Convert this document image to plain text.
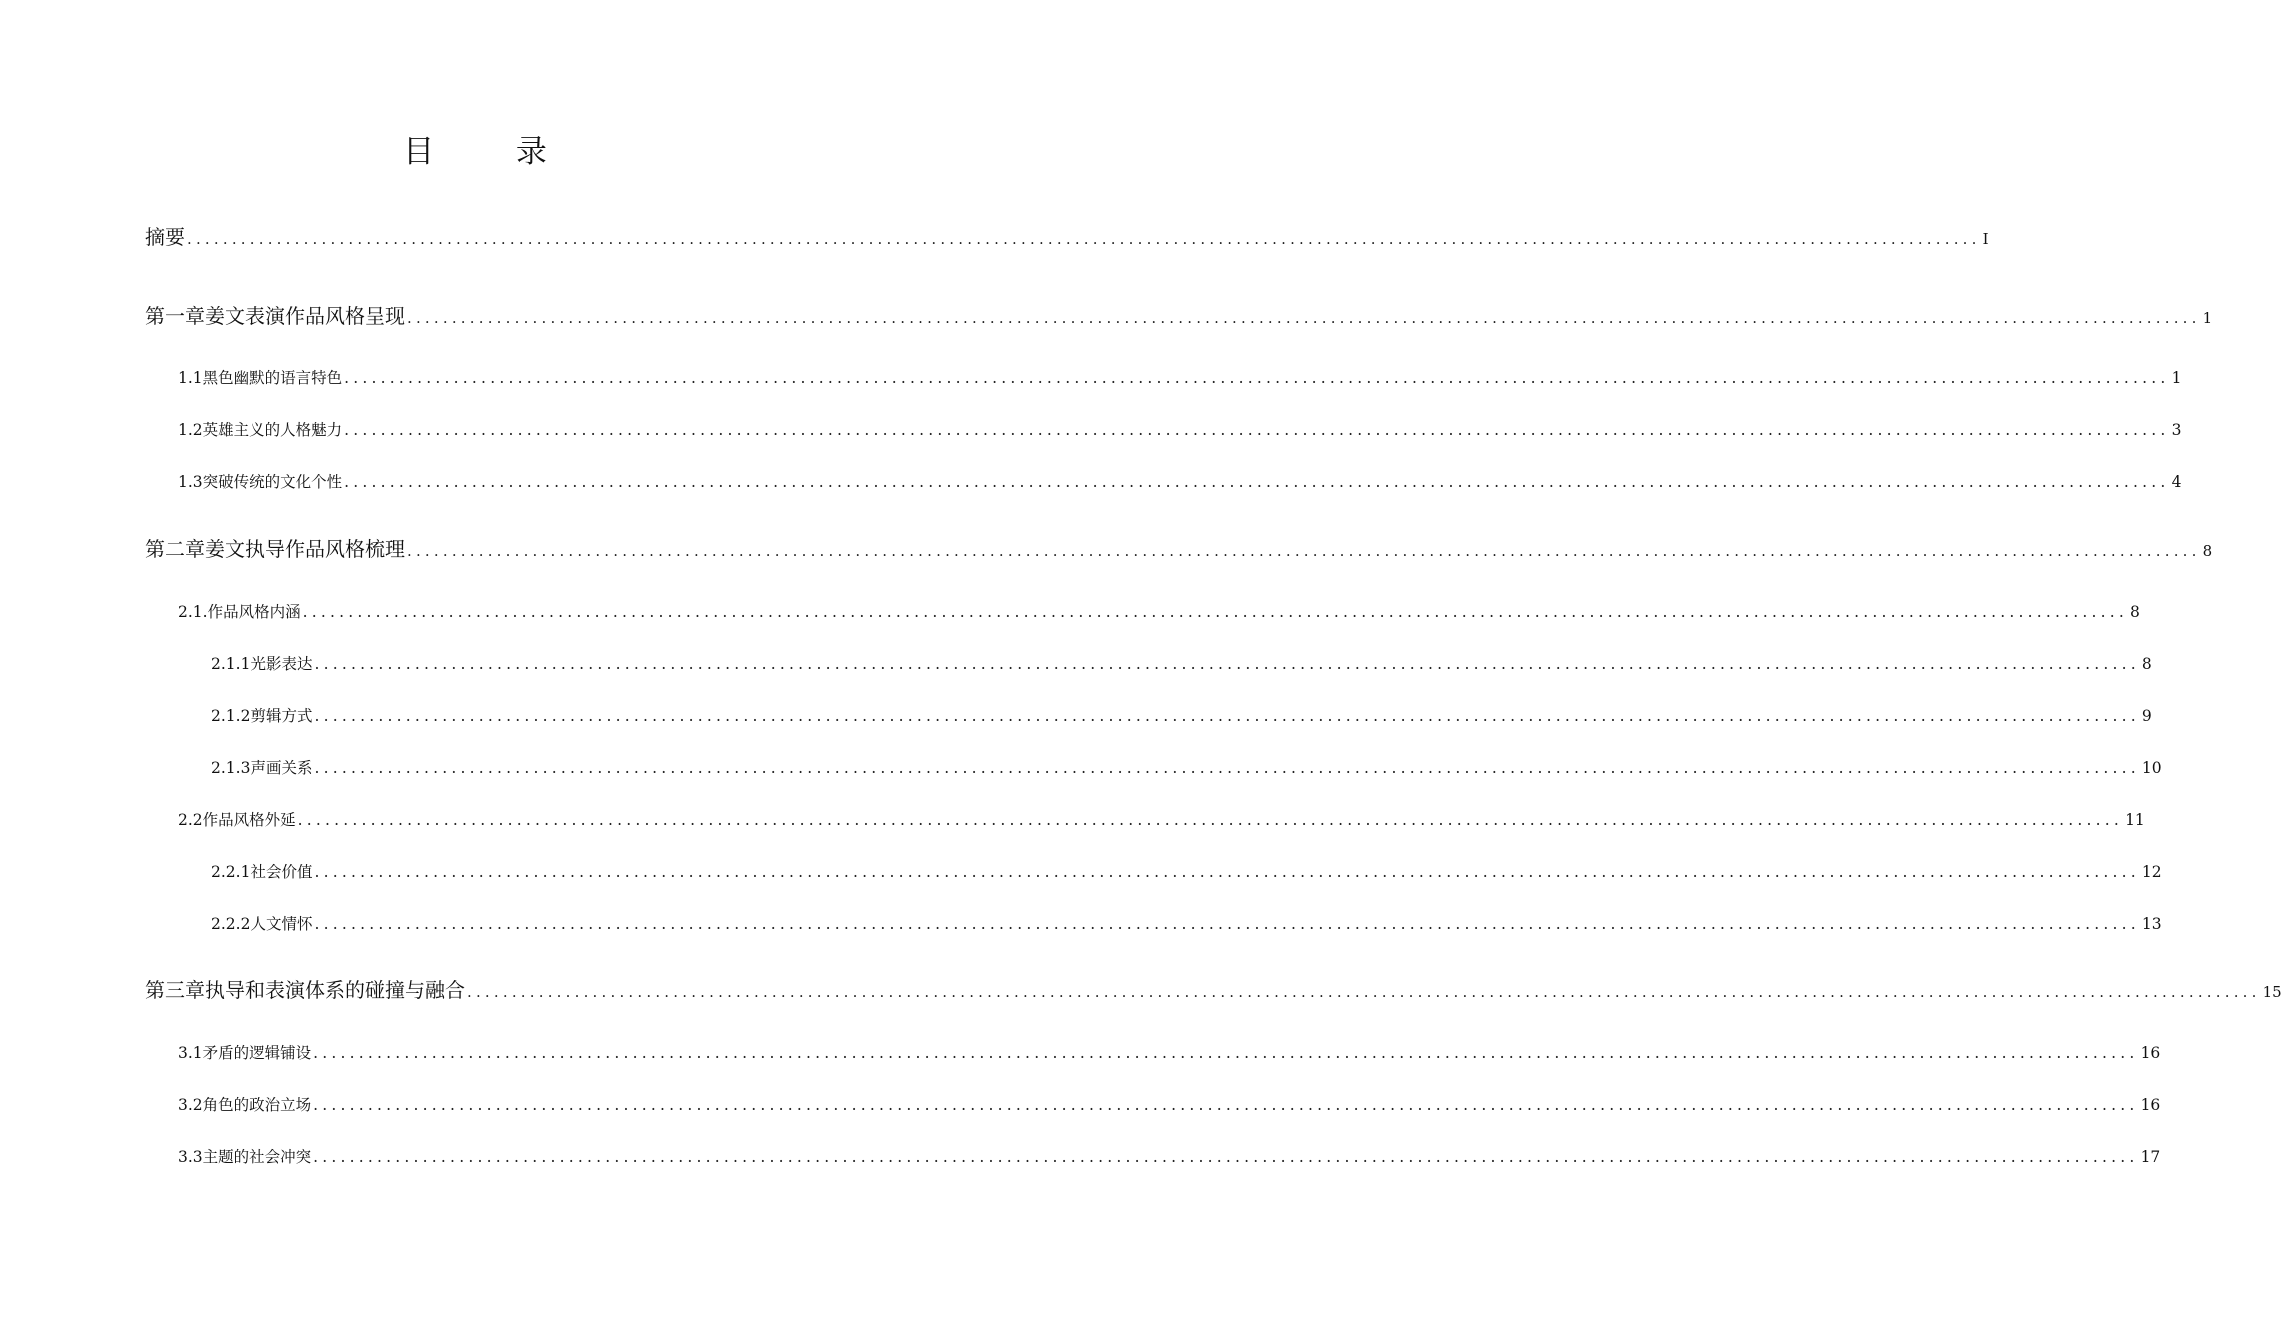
目 录
摘要 ........................................................................................................................................................................................................ I
第一章姜文表演作品风格呈现 ........................................................................................................................................................................................................ 1
1.1黑色幽默的语言特色 ........................................................................................................................................................................................................ 1
1.2英雄主义的人格魅力 ........................................................................................................................................................................................................ 3
1.3突破传统的文化个性 ........................................................................................................................................................................................................ 4
第二章姜文执导作品风格梳理 ........................................................................................................................................................................................................ 8
2.1.作品风格内涵 ........................................................................................................................................................................................................ 8
2.1.1光影表达 ........................................................................................................................................................................................................ 8
2.1.2剪辑方式 ........................................................................................................................................................................................................ 9
2.1.3声画关系 ........................................................................................................................................................................................................ 10
2.2作品风格外延 ........................................................................................................................................................................................................ 11
2.2.1社会价值 ........................................................................................................................................................................................................ 12
2.2.2人文情怀 ........................................................................................................................................................................................................ 13
第三章执导和表演体系的碰撞与融合 ........................................................................................................................................................................................................ 15
3.1矛盾的逻辑铺设 ........................................................................................................................................................................................................ 16
3.2角色的政治立场 ........................................................................................................................................................................................................ 16
3.3主题的社会冲突 ........................................................................................................................................................................................................ 17
